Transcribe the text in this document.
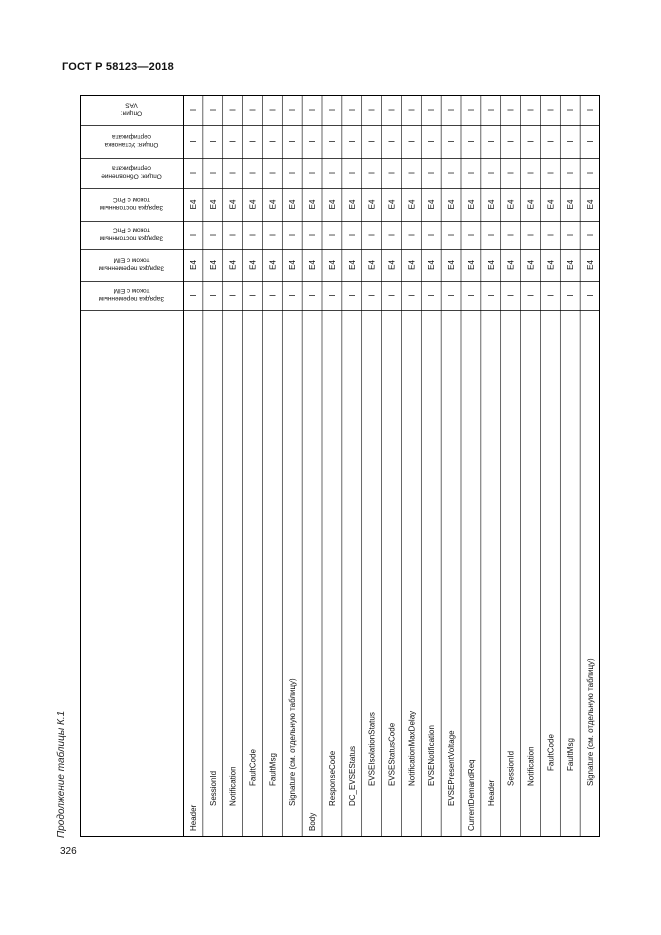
ГОСТ Р 58123—2018
Зарядка переменным
током с EIM
Зарядка переменным
током с EIM
Зарядка постоянным
током с PnC
Зарядка постоянным
током с PnC
Опция: Обновление
сертификата
Опция: Установка
сертификата
Опция:
VAS
I
E4
I
E4
I
I
I
Header
I
E4
I
E4
I
I
I
SessionId
I
E4
I
E4
I
I
I
Notification
I
E4
I
E4
I
I
I
FaultCode
I
E4
I
E4
I
I
I
FaultMsg
I
E4
I
E4
I
I
I
Signature (см. отдельную таблицу)
I
E4
I
E4
I
I
I
Body
I
E4
I
E4
I
I
I
ResponseCode
I
E4
I
E4
I
I
I
DC_EVSEStatus
I
E4
I
E4
I
I
I
EVSEIsolationStatus
I
E4
I
E4
I
I
I
EVSEStatusCode
I
E4
I
E4
I
I
I
NotificationMaxDelay
I
E4
I
E4
I
I
I
EVSENotification
I
E4
I
E4
I
I
I
EVSEPresentVoltage
I
E4
I
E4
I
I
I
CurrentDemandReq
I
E4
I
E4
I
I
I
Header
I
E4
I
E4
I
I
I
SessionId
I
E4
I
E4
I
I
I
Notification
I
E4
I
E4
I
I
I
FaultCode
I
E4
I
E4
I
I
I
FaultMsg
I
E4
I
E4
I
I
I
Signature (см. отдельную таблицу)
Продолжение таблицы К.1
326
